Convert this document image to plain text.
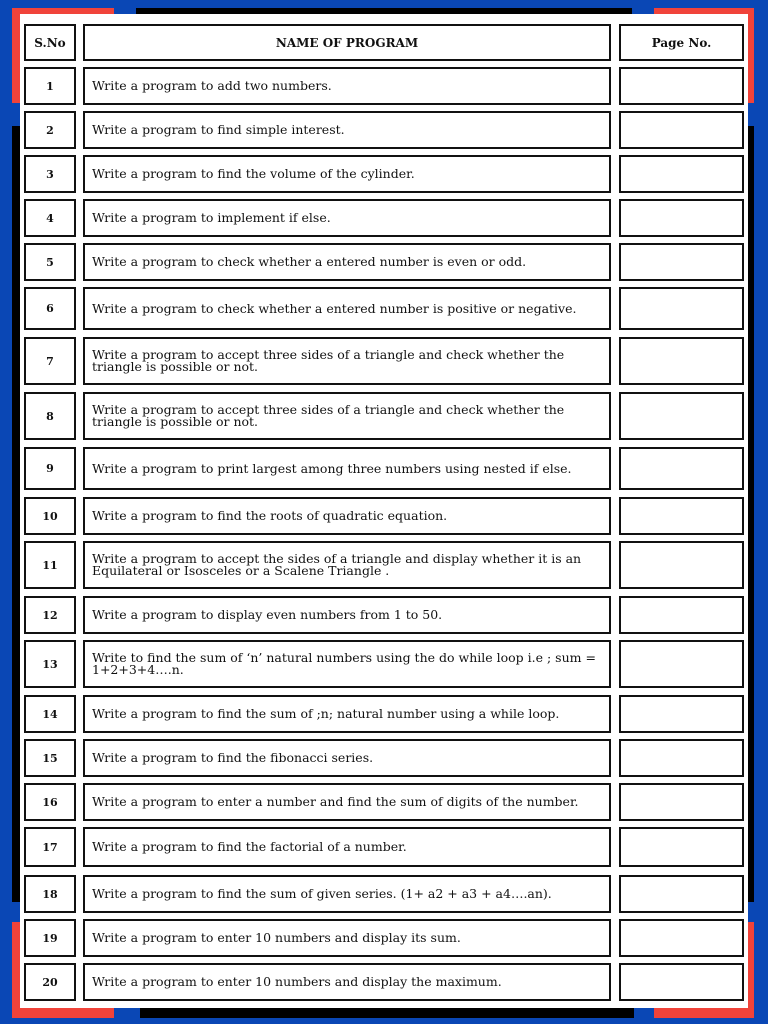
S.No	NAME OF PROGRAM	Page No.
1	Write a program to add two numbers.
2	Write a program to find simple interest.
3	Write a program to find the volume of the cylinder.
4	Write a program to implement if else.
5	Write a program to check whether a entered number is even or odd.
6	Write a program to check whether a entered number is positive or negative.
7	Write a program to accept three sides of a triangle and check whether the triangle is possible or not.
8	Write a program to accept three sides of a triangle and check whether the triangle is possible or not.
9	Write a program to print largest among three numbers using nested if else.
10	Write a program to find the roots of quadratic equation.
11	Write a program to accept the sides of a triangle and display whether it is an Equilateral or Isosceles or a Scalene Triangle .
12	Write a program to display even numbers from 1 to 50.
13	Write to find the sum of ‘n’ natural numbers using the do while loop i.e ; sum = 1+2+3+4….n.
14	Write a program to find the sum of ;n; natural number using a while loop.
15	Write a program to find the fibonacci series.
16	Write a program to enter a number and find the sum of digits of the number.
17	Write a program to find the factorial of a number.
18	Write a program to find the sum of given series. (1+ a2 + a3 + a4….an).
19	Write a program to enter 10 numbers and display its sum.
20	Write a program to enter 10 numbers and display the maximum.
